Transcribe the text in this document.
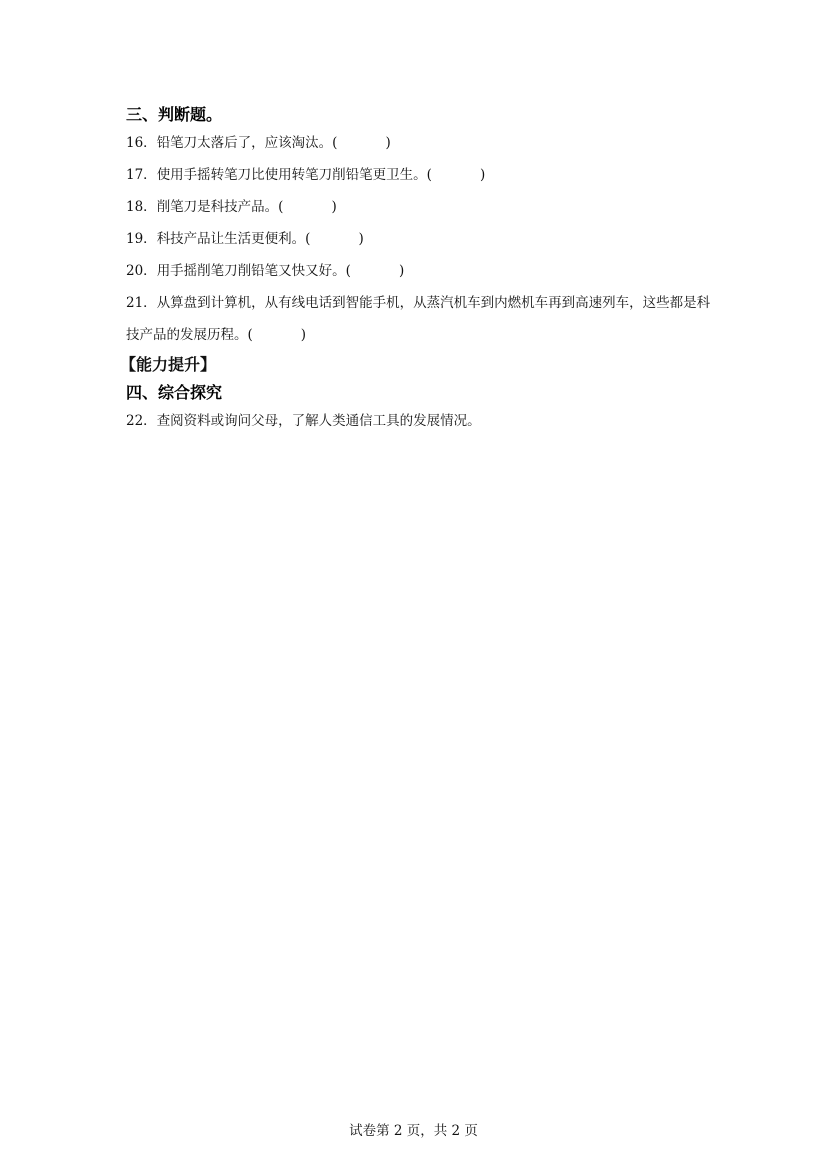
三、判断题。
16．铅笔刀太落后了，应该淘汰。(	)
17．使用手摇转笔刀比使用转笔刀削铅笔更卫生。(	)
18．削笔刀是科技产品。(	)
19．科技产品让生活更便利。(	)
20．用手摇削笔刀削铅笔又快又好。(	)
21．从算盘到计算机，从有线电话到智能手机，从蒸汽机车到内燃机车再到高速列车，这些都是科技产品的发展历程。(	)
【能力提升】
四、综合探究
22．查阅资料或询问父母，了解人类通信工具的发展情况。
试卷第 2 页，共 2 页
